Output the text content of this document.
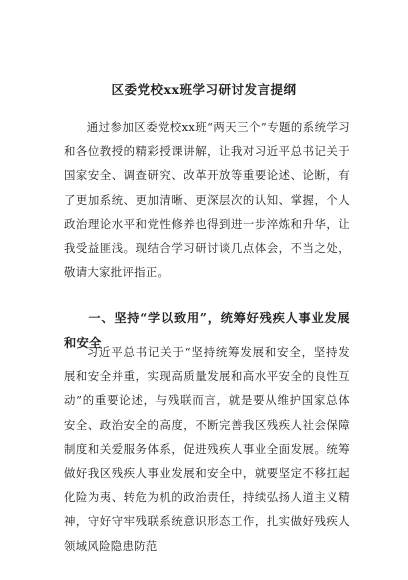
区委党校xx班学习研讨发言提纲
通过参加区委党校xx班“两天三个”专题的系统学习和各位教授的精彩授课讲解，让我对习近平总书记关于国家安全、调查研究、改革开放等重要论述、论断，有了更加系统、更加清晰、更深层次的认知、掌握，个人政治理论水平和党性修养也得到进一步淬炼和升华，让我受益匪浅。现结合学习研讨谈几点体会，不当之处，敬请大家批评指正。
一、坚持“学以致用”，统筹好残疾人事业发展和安全
习近平总书记关于“坚持统筹发展和安全，坚持发展和安全并重，实现高质量发展和高水平安全的良性互动”的重要论述，与残联而言，就是要从维护国家总体安全、政治安全的高度，不断完善我区残疾人社会保障制度和关爱服务体系，促进残疾人事业全面发展。统筹做好我区残疾人事业发展和安全中，就要坚定不移扛起化险为夷、转危为机的政治责任，持续弘扬人道主义精神，守好守牢残联系统意识形态工作，扎实做好残疾人领域风险隐患防范
